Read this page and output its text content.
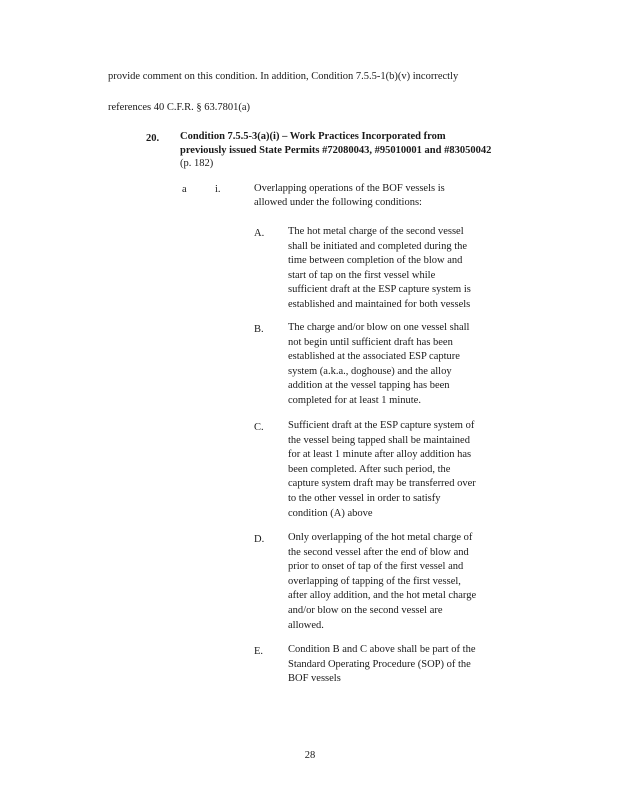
provide comment on this condition. In addition, Condition 7.5.5-1(b)(v) incorrectly
references 40 C.F.R. § 63.7801(a)
20. Condition 7.5.5-3(a)(i) – Work Practices Incorporated from
previously issued State Permits #72080043, #95010001 and #83050042
(p. 182)
a	i.	Overlapping operations of the BOF vessels is
allowed under the following conditions:
A. The hot metal charge of the second vessel
shall be initiated and completed during the
time between completion of the blow and
start of tap on the first vessel while
sufficient draft at the ESP capture system is
established and maintained for both vessels
B. The charge and/or blow on one vessel shall
not begin until sufficient draft has been
established at the associated ESP capture
system (a.k.a., doghouse) and the alloy
addition at the vessel tapping has been
completed for at least 1 minute.
C. Sufficient draft at the ESP capture system of
the vessel being tapped shall be maintained
for at least 1 minute after alloy addition has
been completed. After such period, the
capture system draft may be transferred over
to the other vessel in order to satisfy
condition (A) above
D. Only overlapping of the hot metal charge of
the second vessel after the end of blow and
prior to onset of tap of the first vessel and
overlapping of tapping of the first vessel,
after alloy addition, and the hot metal charge
and/or blow on the second vessel are
allowed.
E. Condition B and C above shall be part of the
Standard Operating Procedure (SOP) of the
BOF vessels
28
